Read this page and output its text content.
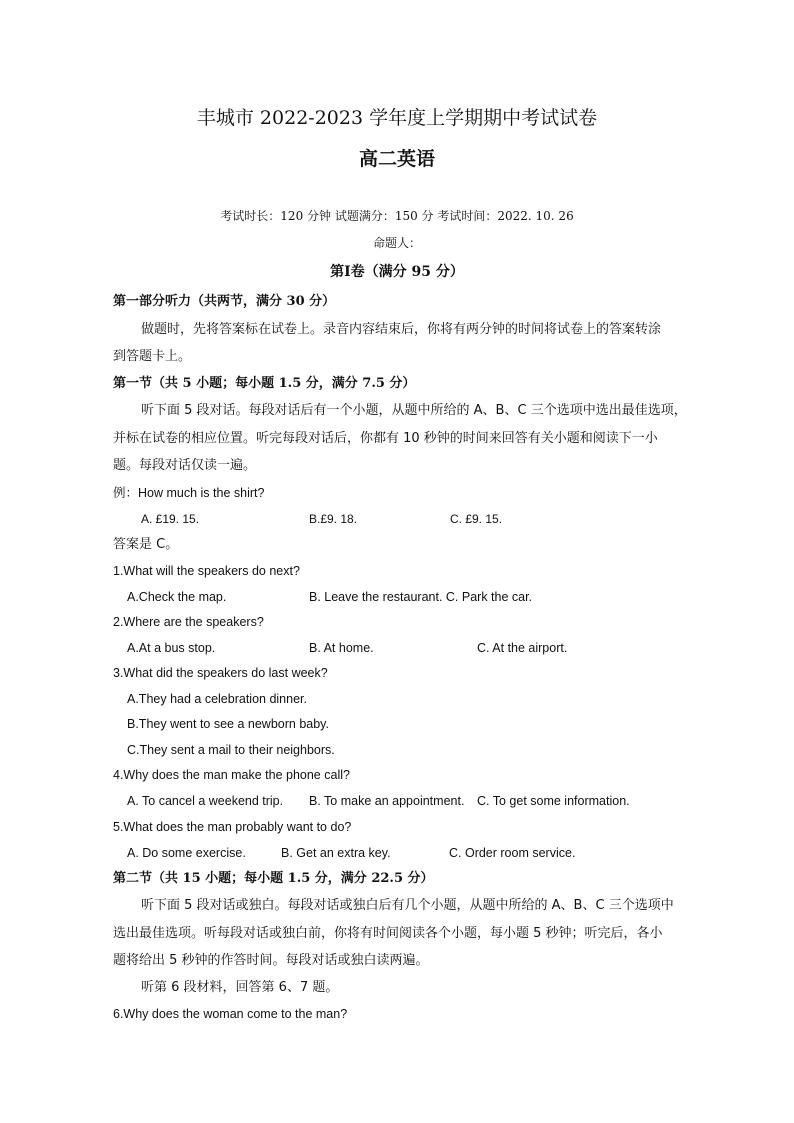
丰城市 2022-2023 学年度上学期期中考试试卷
高二英语
考试时长：120 分钟 试题满分：150 分 考试时间：2022. 10. 26
命题人：
第Ⅰ卷（满分 95 分）
第一部分听力（共两节，满分 30 分）
做题时，先将答案标在试卷上。录音内容结束后，你将有两分钟的时间将试卷上的答案转涂
到答题卡上。
第一节（共 5 小题；每小题 1.5 分，满分 7.5 分）
听下面 5 段对话。每段对话后有一个小题，从题中所给的 A、B、C 三个选项中选出最佳选项，
并标在试卷的相应位置。听完每段对话后，你都有 10 秒钟的时间来回答有关小题和阅读下一小
题。每段对话仅读一遍。
例：How much is the shirt?
A. £19. 15.	B.£9. 18.	C. £9. 15.
答案是 C。
1.What will the speakers do next?
A.Check the map.	B. Leave the restaurant. C. Park the car.
2.Where are the speakers?
A.At a bus stop.	B. At home.	C. At the airport.
3.What did the speakers do last week?
A.They had a celebration dinner.
B.They went to see a newborn baby.
C.They sent a mail to their neighbors.
4.Why does the man make the phone call?
A. To cancel a weekend trip. B. To make an appointment. C. To get some information.
5.What does the man probably want to do?
A. Do some exercise.	B. Get an extra key.	C. Order room service.
第二节（共 15 小题；每小题 1.5 分，满分 22.5 分）
听下面 5 段对话或独白。每段对话或独白后有几个小题，从题中所给的 A、B、C 三个选项中
选出最佳选项。听每段对话或独白前，你将有时间阅读各个小题，每小题 5 秒钟；听完后，各小
题将给出 5 秒钟的作答时间。每段对话或独白读两遍。
听第 6 段材料，回答第 6、7 题。
6.Why does the woman come to the man?
